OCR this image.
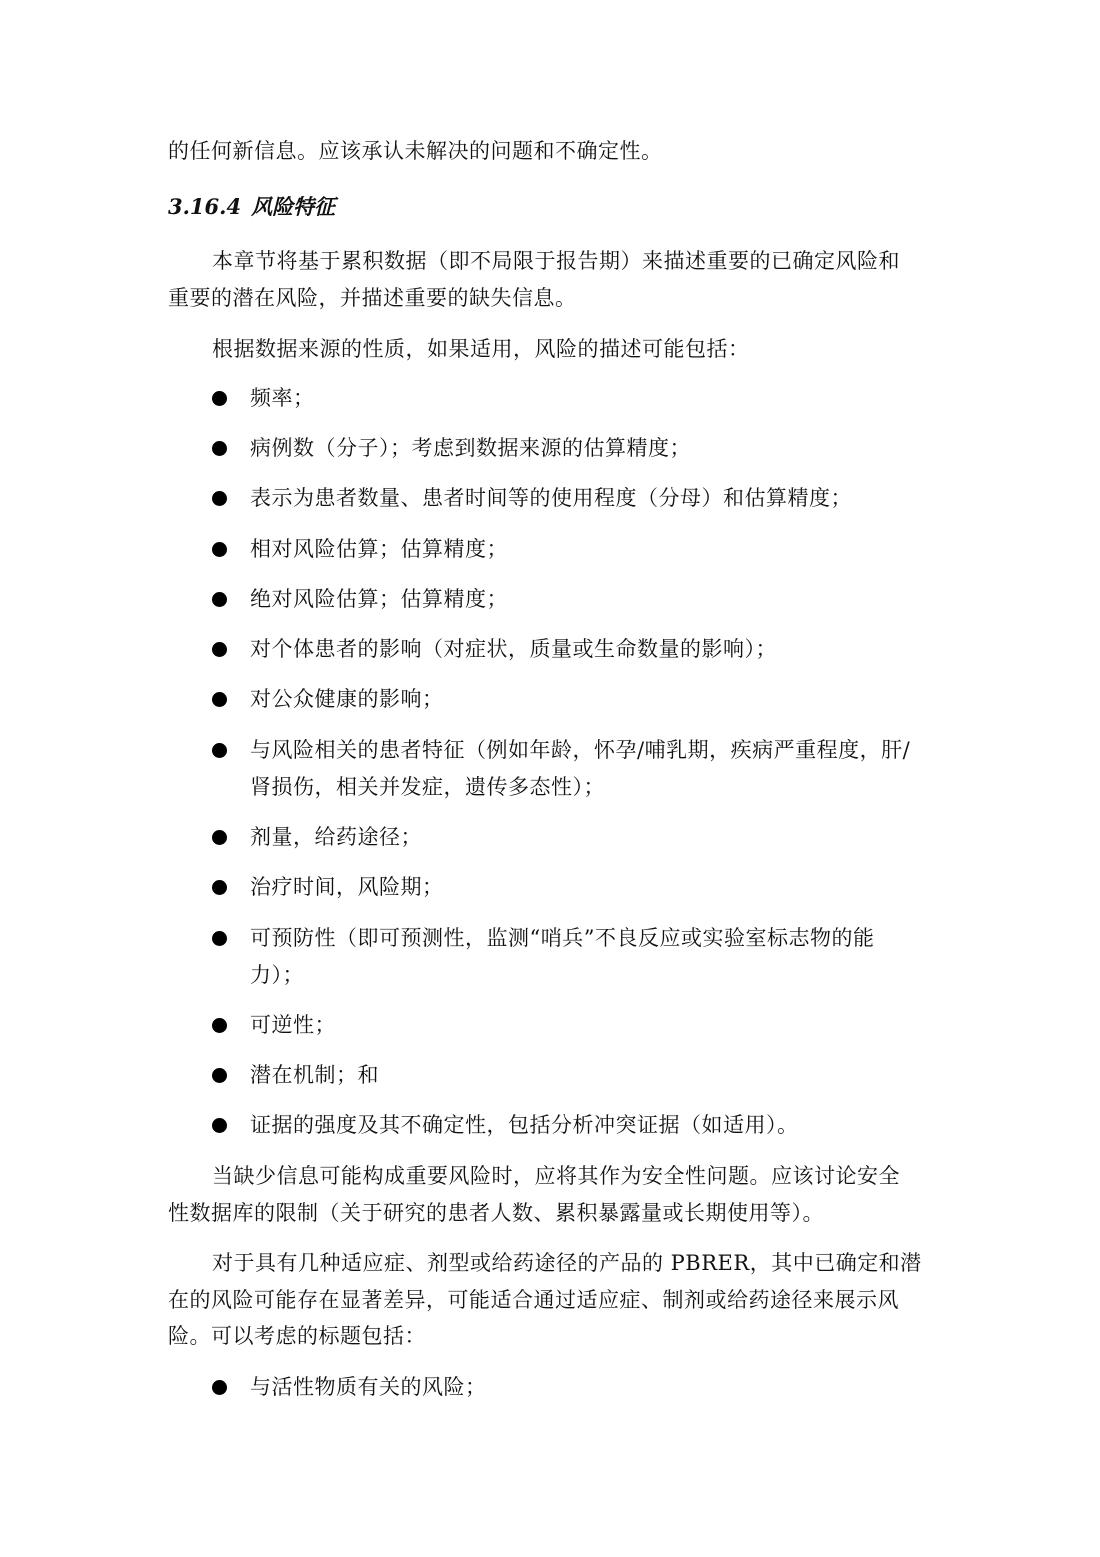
的任何新信息。应该承认未解决的问题和不确定性。
3.16.4 风险特征
本章节将基于累积数据（即不局限于报告期）来描述重要的已确定风险和
重要的潜在风险，并描述重要的缺失信息。
根据数据来源的性质，如果适用，风险的描述可能包括：
频率；
病例数（分子）；考虑到数据来源的估算精度；
表示为患者数量、患者时间等的使用程度（分母）和估算精度；
相对风险估算；估算精度；
绝对风险估算；估算精度；
对个体患者的影响（对症状，质量或生命数量的影响）；
对公众健康的影响；
与风险相关的患者特征（例如年龄，怀孕/哺乳期，疾病严重程度，肝/
肾损伤，相关并发症，遗传多态性）；
剂量，给药途径；
治疗时间，风险期；
可预防性（即可预测性，监测“哨兵”不良反应或实验室标志物的能
力）；
可逆性；
潜在机制；和
证据的强度及其不确定性，包括分析冲突证据（如适用）。
当缺少信息可能构成重要风险时，应将其作为安全性问题。应该讨论安全
性数据库的限制（关于研究的患者人数、累积暴露量或长期使用等）。
对于具有几种适应症、剂型或给药途径的产品的 PBRER，其中已确定和潜
在的风险可能存在显著差异，可能适合通过适应症、制剂或给药途径来展示风
险。可以考虑的标题包括：
与活性物质有关的风险；
